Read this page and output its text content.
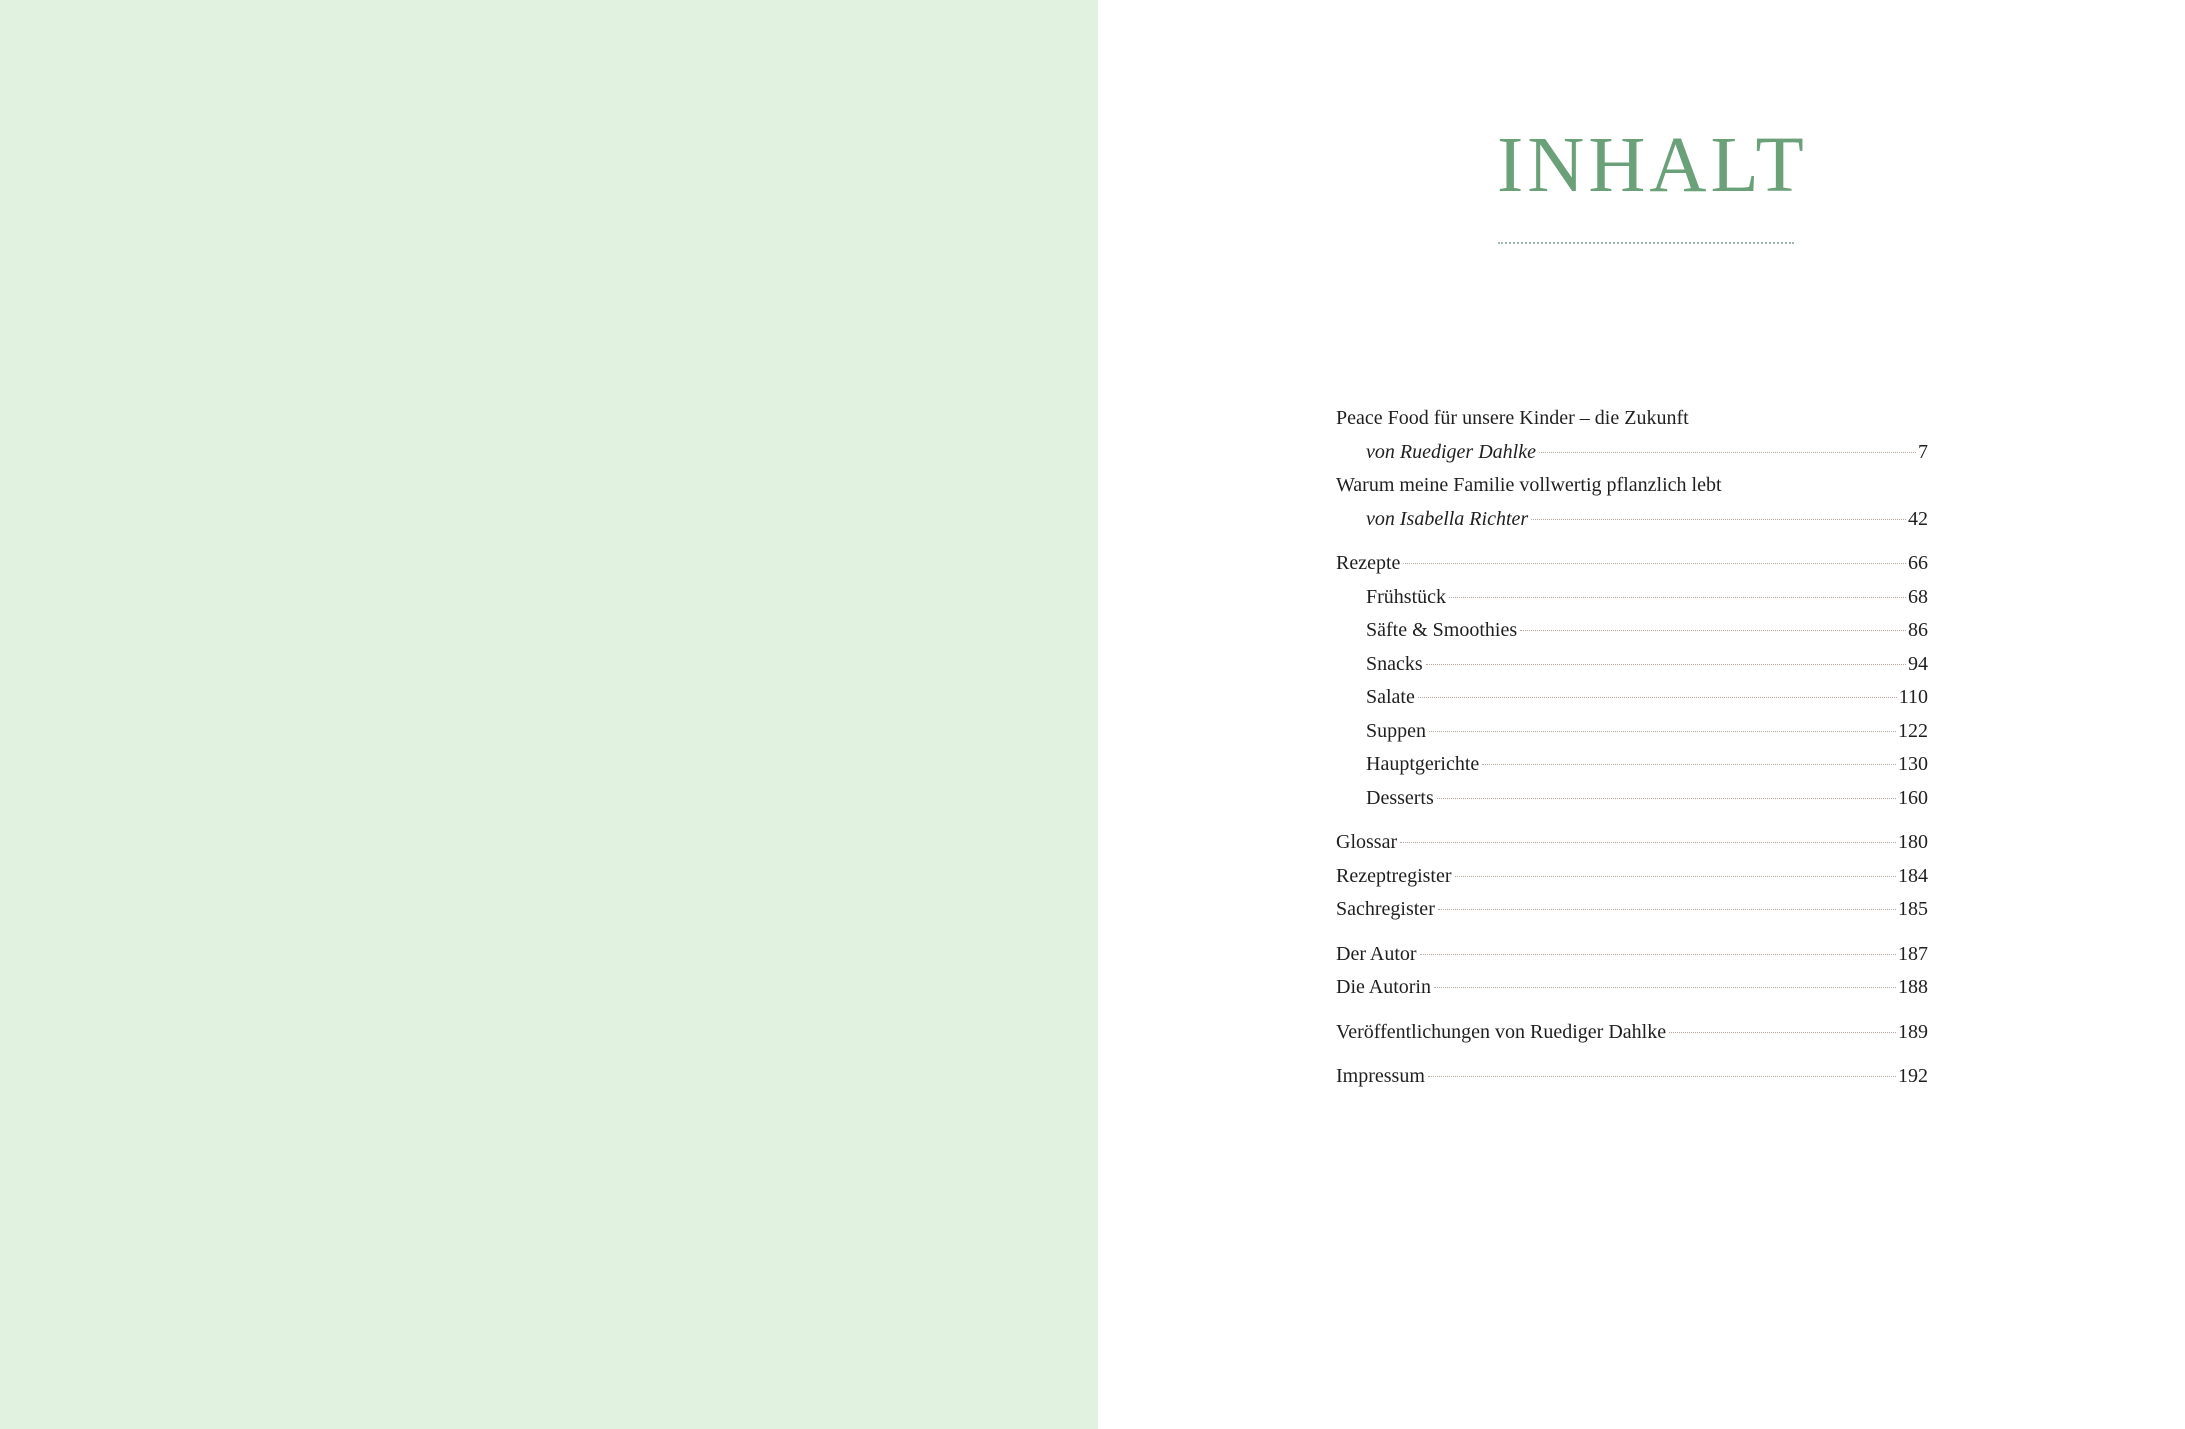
INHALT
Peace Food für unsere Kinder – die Zukunft
von Ruediger Dahlke	7
Warum meine Familie vollwertig pflanzlich lebt
von Isabella Richter	42
Rezepte	66
Frühstück	68
Säfte & Smoothies	86
Snacks	94
Salate	110
Suppen	122
Hauptgerichte	130
Desserts	160
Glossar	180
Rezeptregister	184
Sachregister	185
Der Autor	187
Die Autorin	188
Veröffentlichungen von Ruediger Dahlke	189
Impressum	192
